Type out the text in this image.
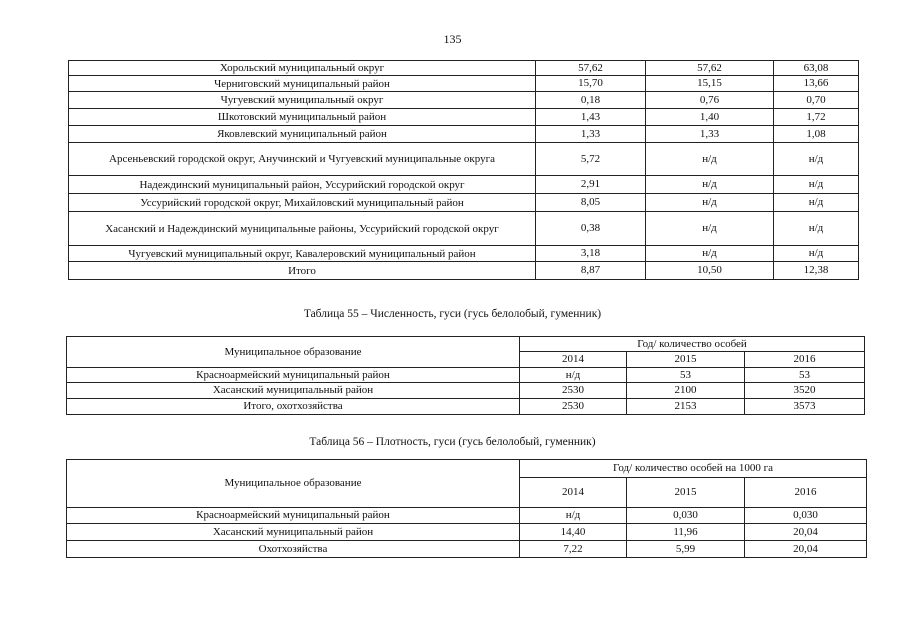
135
Хорольский муниципальный округ	57,62	57,62	63,08
Черниговский муниципальный район	15,70	15,15	13,66
Чугуевский муниципальный округ	0,18	0,76	0,70
Шкотовский муниципальный район	1,43	1,40	1,72
Яковлевский муниципальный район	1,33	1,33	1,08
Арсеньевский городской округ, Анучинский и Чугуевский муниципальные округа	5,72	н/д	н/д
Надеждинский муниципальный район, Уссурийский городской округ	2,91	н/д	н/д
Уссурийский городской округ, Михайловский муниципальный район	8,05	н/д	н/д
Хасанский и Надеждинский муниципальные районы, Уссурийский городской округ	0,38	н/д	н/д
Чугуевский муниципальный округ, Кавалеровский муниципальный район	3,18	н/д	н/д
Итого	8,87	10,50	12,38
Таблица 55 – Численность, гуси (гусь белолобый, гуменник)
Муниципальное образование	Год/ количество особей		
	2014	2015	2016
Красноармейский муниципальный район	н/д	53	53
Хасанский муниципальный район	2530	2100	3520
Итого, охотхозяйства	2530	2153	3573
Таблица 56 – Плотность, гуси (гусь белолобый, гуменник)
Муниципальное образование	Год/ количество особей на 1000 га		
	2014	2015	2016
Красноармейский муниципальный район	н/д	0,030	0,030
Хасанский муниципальный район	14,40	11,96	20,04
Охотхозяйства	7,22	5,99	20,04
